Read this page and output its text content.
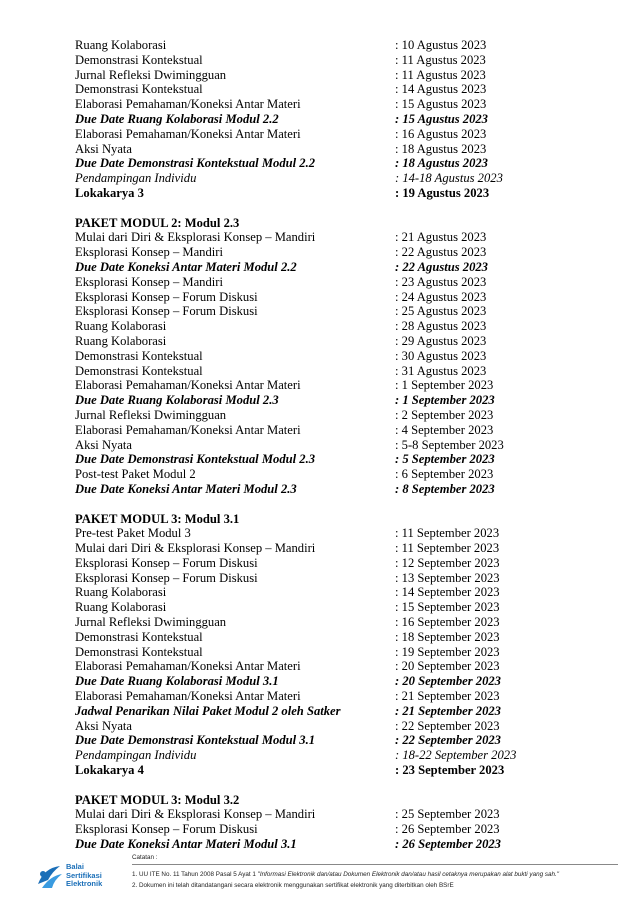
Ruang Kolaborasi	: 10 Agustus 2023
Demonstrasi Kontekstual	: 11 Agustus 2023
Jurnal Refleksi Dwimingguan	: 11 Agustus 2023
Demonstrasi Kontekstual	: 14 Agustus 2023
Elaborasi Pemahaman/Koneksi Antar Materi	: 15 Agustus 2023
Due Date Ruang Kolaborasi Modul 2.2	: 15 Agustus 2023
Elaborasi Pemahaman/Koneksi Antar Materi	: 16 Agustus 2023
Aksi Nyata	: 18 Agustus 2023
Due Date Demonstrasi Kontekstual Modul 2.2	: 18 Agustus 2023
Pendampingan Individu	: 14-18 Agustus 2023
Lokakarya 3	: 19 Agustus 2023
PAKET MODUL 2: Modul 2.3
Mulai dari Diri & Eksplorasi Konsep – Mandiri	: 21 Agustus 2023
Eksplorasi Konsep – Mandiri	: 22 Agustus 2023
Due Date Koneksi Antar Materi Modul 2.2	: 22 Agustus 2023
Eksplorasi Konsep – Mandiri	: 23 Agustus 2023
Eksplorasi Konsep – Forum Diskusi	: 24 Agustus 2023
Eksplorasi Konsep – Forum Diskusi	: 25 Agustus 2023
Ruang Kolaborasi	: 28 Agustus 2023
Ruang Kolaborasi	: 29 Agustus 2023
Demonstrasi Kontekstual	: 30 Agustus 2023
Demonstrasi Kontekstual	: 31 Agustus 2023
Elaborasi Pemahaman/Koneksi Antar Materi	: 1 September 2023
Due Date Ruang Kolaborasi Modul 2.3	: 1 September 2023
Jurnal Refleksi Dwimingguan	: 2 September 2023
Elaborasi Pemahaman/Koneksi Antar Materi	: 4 September 2023
Aksi Nyata	: 5-8 September 2023
Due Date Demonstrasi Kontekstual Modul 2.3	: 5 September 2023
Post-test Paket Modul 2	: 6 September 2023
Due Date Koneksi Antar Materi Modul 2.3	: 8 September 2023
PAKET MODUL 3: Modul 3.1
Pre-test Paket Modul 3	: 11 September 2023
Mulai dari Diri & Eksplorasi Konsep – Mandiri	: 11 September 2023
Eksplorasi Konsep – Forum Diskusi	: 12 September 2023
Eksplorasi Konsep – Forum Diskusi	: 13 September 2023
Ruang Kolaborasi	: 14 September 2023
Ruang Kolaborasi	: 15 September 2023
Jurnal Refleksi Dwimingguan	: 16 September 2023
Demonstrasi Kontekstual	: 18 September 2023
Demonstrasi Kontekstual	: 19 September 2023
Elaborasi Pemahaman/Koneksi Antar Materi	: 20 September 2023
Due Date Ruang Kolaborasi Modul 3.1	: 20 September 2023
Elaborasi Pemahaman/Koneksi Antar Materi	: 21 September 2023
Jadwal Penarikan Nilai Paket Modul 2 oleh Satker	: 21 September 2023
Aksi Nyata	: 22 September 2023
Due Date Demonstrasi Kontekstual Modul 3.1	: 22 September 2023
Pendampingan Individu	: 18-22 September 2023
Lokakarya 4	: 23 September 2023
PAKET MODUL 3: Modul 3.2
Mulai dari Diri & Eksplorasi Konsep – Mandiri	: 25 September 2023
Eksplorasi Konsep – Forum Diskusi	: 26 September 2023
Due Date Koneksi Antar Materi Modul 3.1	: 26 September 2023
Balai
Sertifikasi
Elektronik
Catatan :
1. UU ITE No. 11 Tahun 2008 Pasal 5 Ayat 1 "Informasi Elektronik dan/atau Dokumen Elektronik dan/atau hasil cetaknya merupakan alat bukti yang sah."
2. Dokumen ini telah ditandatangani secara elektronik menggunakan sertifikat elektronik yang diterbitkan oleh BSrE
